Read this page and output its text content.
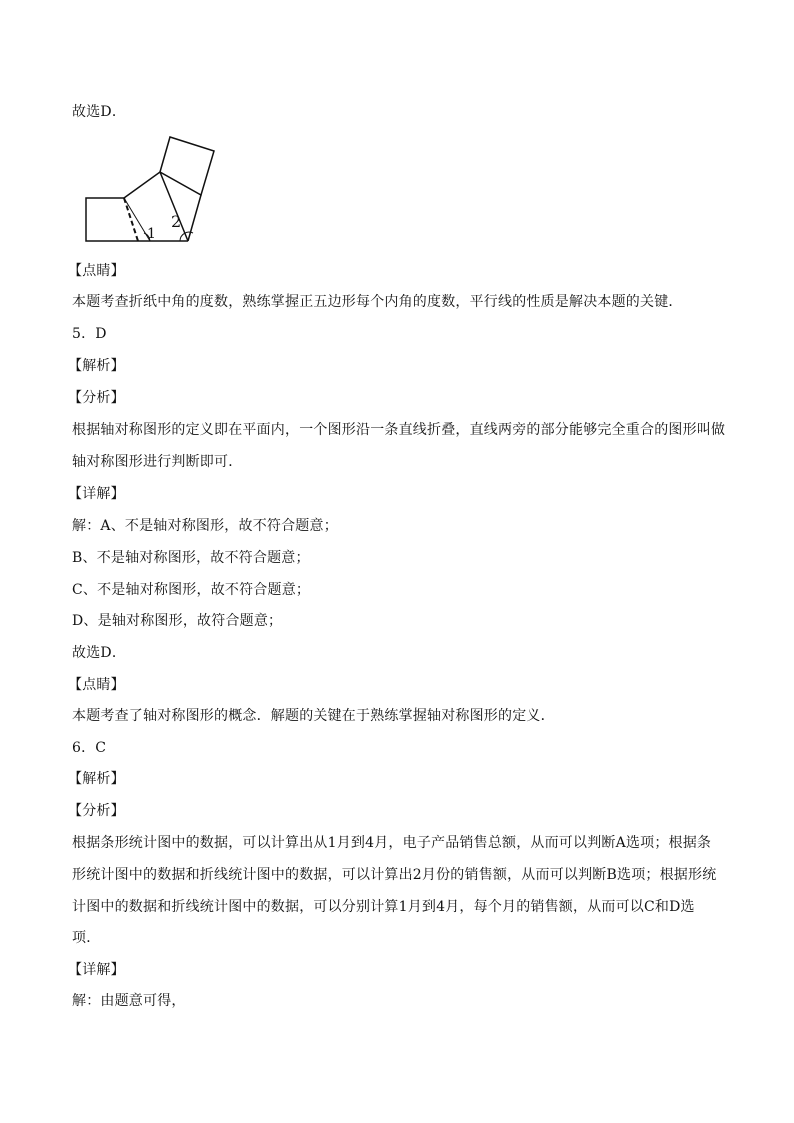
故选D．
1
2
【点睛】
本题考查折纸中角的度数，熟练掌握正五边形每个内角的度数，平行线的性质是解决本题的关键．
5．D
【解析】
【分析】
根据轴对称图形的定义即在平面内，一个图形沿一条直线折叠，直线两旁的部分能够完全重合的图形叫做
轴对称图形进行判断即可．
【详解】
解：A、不是轴对称图形，故不符合题意；
B、不是轴对称图形，故不符合题意；
C、不是轴对称图形，故不符合题意；
D、是轴对称图形，故符合题意；
故选D．
【点睛】
本题考查了轴对称图形的概念．解题的关键在于熟练掌握轴对称图形的定义．
6．C
【解析】
【分析】
根据条形统计图中的数据，可以计算出从1月到4月，电子产品销售总额，从而可以判断A选项；根据条
形统计图中的数据和折线统计图中的数据，可以计算出2月份的销售额，从而可以判断B选项；根据形统
计图中的数据和折线统计图中的数据，可以分别计算1月到4月，每个月的销售额，从而可以C和D选
项．
【详解】
解：由题意可得，
